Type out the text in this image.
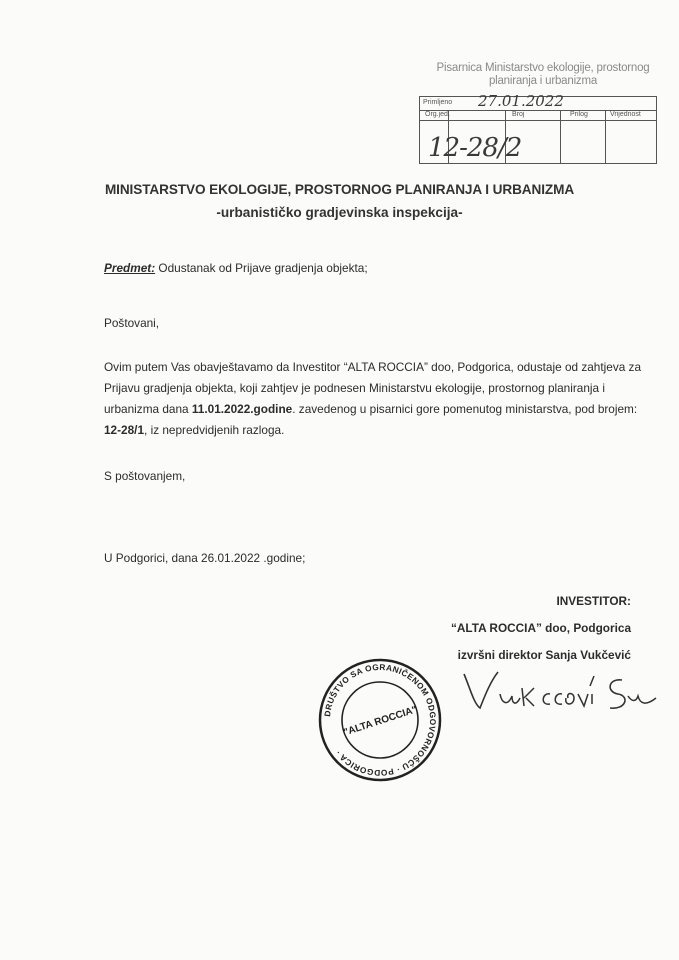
Pisarnica Ministarstvo ekologije, prostornog planiranja i urbanizma
Primljeno 27.01.2022
Org.jed.	Broj	Prilog	Vrijednost
12-28/2
MINISTARSTVO EKOLOGIJE, PROSTORNOG PLANIRANJA I URBANIZMA
-urbanističko gradjevinska inspekcija-
Predmet: Odustanak od Prijave gradjenja objekta;
Poštovani,
Ovim putem Vas obavještavamo da Investitor “ALTA ROCCIA” doo, Podgorica, odustaje od zahtjeva za
Prijavu gradjenja objekta, koji zahtjev je podnesen Ministarstvu ekologije, prostornog planiranja i
urbanizma dana 11.01.2022.godine. zavedenog u pisarnici gore pomenutog ministarstva, pod brojem:
12-28/1, iz nepredvidjenih razloga.
S poštovanjem,
U Podgorici, dana 26.01.2022 .godine;
INVESTITOR:
“ALTA ROCCIA” doo, Podgorica
izvršni direktor Sanja Vukčević
DRUŠTVO SA OGRANIČENOM ODGOVORNOŠĆU · PODGORICA ·
"ALTA ROCCIA"
